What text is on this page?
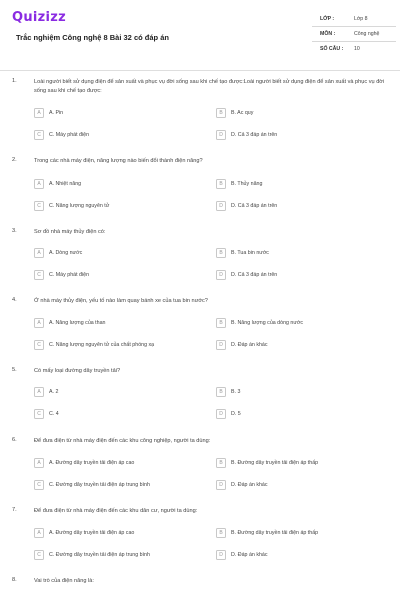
Quizizz
Trắc nghiệm Công nghệ 8 Bài 32 có đáp án
LỚP :	Lớp 8
MÔN :	Công nghệ
SỐ CÂU : 10
1.	Loài người biết sử dụng điện để sản xuất và phục vụ đời sống sau khi chế tạo được:Loài người biết sử dụng điện để sản xuất và phục vụ đời sống sau khi chế tạo được:
A	A. Pin	B	B. Ac quy
C	C. Máy phát điện	D	D. Cả 3 đáp án trên
2.	Trong các nhà máy điện, năng lượng nào biến đổi thành điện năng?
A	A. Nhiệt năng	B	B. Thủy năng
C	C. Năng lượng nguyên tử	D	D. Cả 3 đáp án trên
3.	Sơ đồ nhà máy thủy điện có:
A	A. Dòng nước	B	B. Tua bin nước
C	C. Máy phát điện	D	D. Cả 3 đáp án trên
4.	Ở nhà máy thủy điện, yếu tố nào làm quay bánh xe của tua bin nước?
A	A. Năng lượng của than	B	B. Năng lượng của dòng nước
C	C. Năng lượng nguyên tử của chất phóng xạ	D	D. Đáp án khác
5.	Có mấy loại đường dây truyền tải?
A	A. 2	B	B. 3
C	C. 4	D	D. 5
6.	Để đưa điện từ nhà máy điện đến các khu công nghiệp, người ta dùng:
A	A. Đường dây truyền tải điện áp cao	B	B. Đường dây truyền tải điện áp thấp
C	C. Đường dây truyền tải điện áp trung bình	D	D. Đáp án khác
7.	Để đưa điện từ nhà máy điện đến các khu dân cư, người ta dùng:
A	A. Đường dây truyền tải điện áp cao	B	B. Đường dây truyền tải điện áp thấp
C	C. Đường dây truyền tải điện áp trung bình	D	D. Đáp án khác
8.	Vai trò của điện năng là:
